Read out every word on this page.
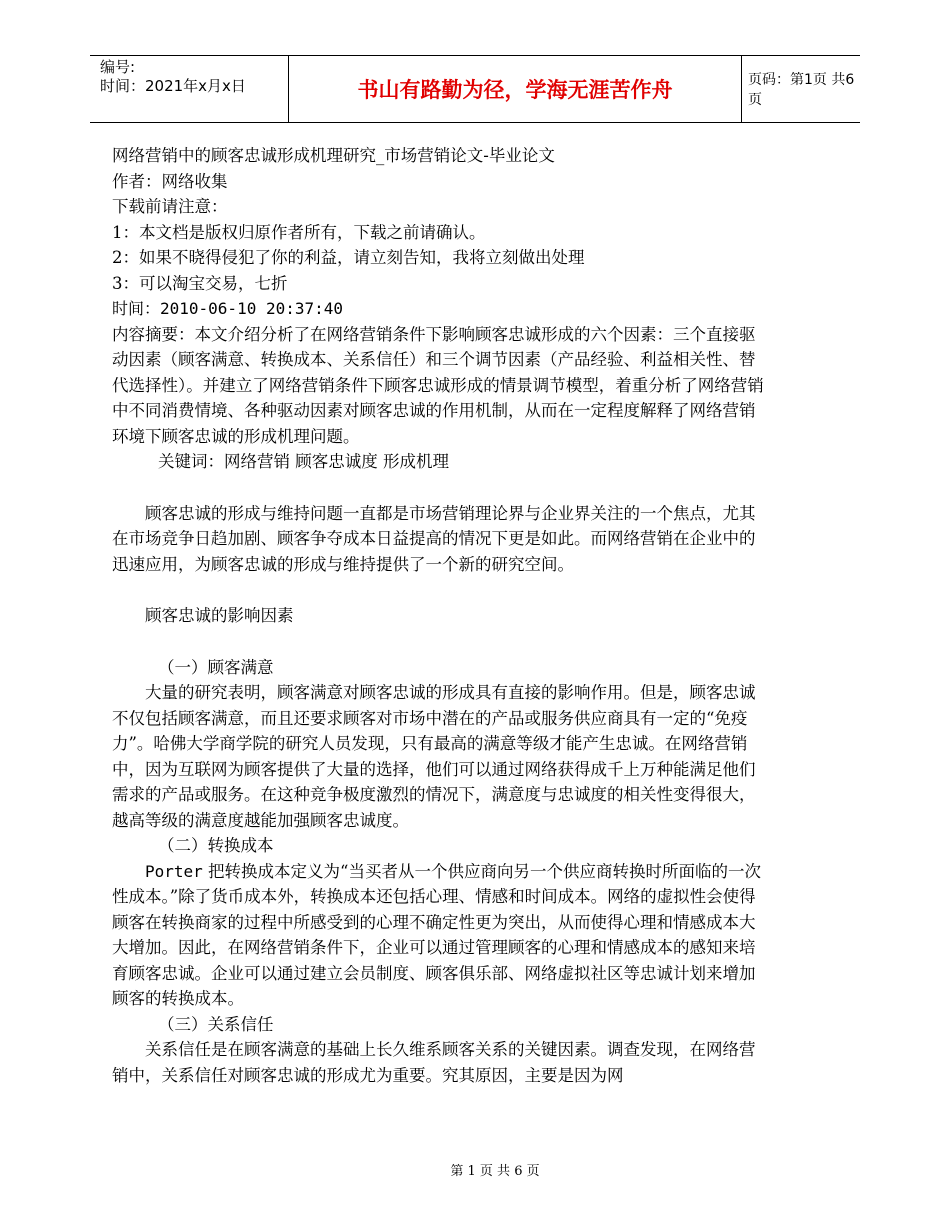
编号:
时间：2021年x月x日	书山有路勤为径，学海无涯苦作舟	页码：第1页 共6页

网络营销中的顾客忠诚形成机理研究_市场营销论文-毕业论文

作者：网络收集

下载前请注意：

1：本文档是版权归原作者所有，下载之前请确认。

2：如果不晓得侵犯了你的利益，请立刻告知，我将立刻做出处理

3：可以淘宝交易，七折

时间：2010-06-10 20:37:40

内容摘要：本文介绍分析了在网络营销条件下影响顾客忠诚形成的六个因素：三个直接驱动因素（顾客满意、转换成本、关系信任）和三个调节因素（产品经验、利益相关性、替代选择性）。并建立了网络营销条件下顾客忠诚形成的情景调节模型，着重分析了网络营销中不同消费情境、各种驱动因素对顾客忠诚的作用机制，从而在一定程度解释了网络营销环境下顾客忠诚的形成机理问题。

关键词：网络营销 顾客忠诚度 形成机理

顾客忠诚的形成与维持问题一直都是市场营销理论界与企业界关注的一个焦点，尤其在市场竞争日趋加剧、顾客争夺成本日益提高的情况下更是如此。而网络营销在企业中的迅速应用，为顾客忠诚的形成与维持提供了一个新的研究空间。

顾客忠诚的影响因素

（一）顾客满意

大量的研究表明，顾客满意对顾客忠诚的形成具有直接的影响作用。但是，顾客忠诚不仅包括顾客满意，而且还要求顾客对市场中潜在的产品或服务供应商具有一定的“免疫力”。哈佛大学商学院的研究人员发现，只有最高的满意等级才能产生忠诚。在网络营销中，因为互联网为顾客提供了大量的选择，他们可以通过网络获得成千上万种能满足他们需求的产品或服务。在这种竞争极度激烈的情况下，满意度与忠诚度的相关性变得很大，越高等级的满意度越能加强顾客忠诚度。

（二）转换成本

Porter 把转换成本定义为“当买者从一个供应商向另一个供应商转换时所面临的一次性成本。”除了货币成本外，转换成本还包括心理、情感和时间成本。网络的虚拟性会使得顾客在转换商家的过程中所感受到的心理不确定性更为突出，从而使得心理和情感成本大大增加。因此，在网络营销条件下，企业可以通过管理顾客的心理和情感成本的感知来培育顾客忠诚。企业可以通过建立会员制度、顾客俱乐部、网络虚拟社区等忠诚计划来增加顾客的转换成本。

（三）关系信任

关系信任是在顾客满意的基础上长久维系顾客关系的关键因素。调查发现，在网络营销中，关系信任对顾客忠诚的形成尤为重要。究其原因，主要是因为网

第 1 页 共 6 页
